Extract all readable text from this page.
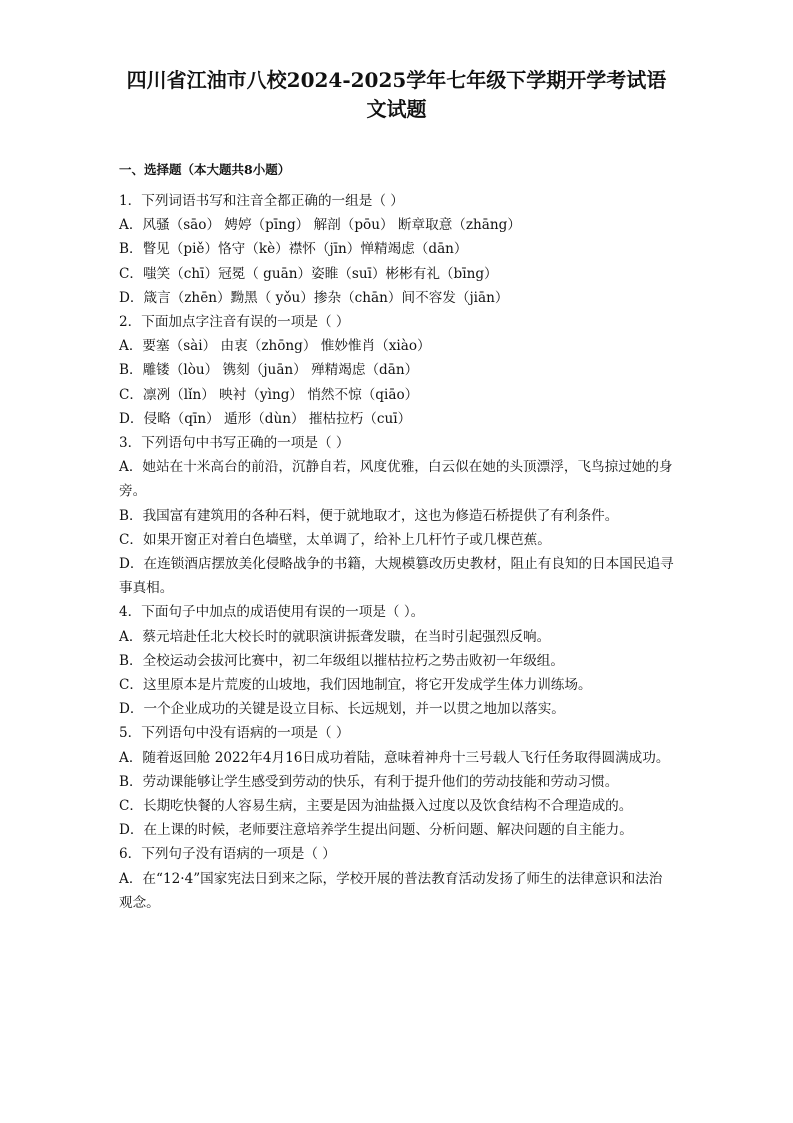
四川省江油市八校2024-2025学年七年级下学期开学考试语
文试题

一、选择题（本大题共8小题）

1．下列词语书写和注音全都正确的一组是（ ）

A．风骚（sāo） 娉婷（pīng） 解剖（pōu） 断章取意（zhāng）

B．瞥见（piě）恪守（kè）襟怀（jīn）惮精竭虑（dān）

C．嗤笑（chī）冠冕（ guān）姿睢（suī）彬彬有礼（bīng）

D．箴言（zhēn）黝黑（ yǒu）掺杂（chān）间不容发（jiān）

2．下面加点字注音有误的一项是（ ）

A．要塞（sài） 由衷（zhōng） 惟妙惟肖（xiào）

B．雕镂（lòu） 镌刻（juān） 殚精竭虑（dān）

C．凛冽（lǐn） 映衬（yìng） 悄然不惊（qiāo）

D．侵略（qīn） 遁形（dùn） 摧枯拉朽（cuī）

3．下列语句中书写正确的一项是（ ）

A．她站在十米高台的前沿，沉静自若，风度优雅，白云似在她的头顶漂浮，飞鸟掠过她的身旁。

B．我国富有建筑用的各种石料，便于就地取才，这也为修造石桥提供了有利条件。

C．如果开窗正对着白色墙壁，太单调了，给补上几杆竹子或几棵芭蕉。

D．在连锁酒店摆放美化侵略战争的书籍，大规模篡改历史教材，阻止有良知的日本国民追寻事真相。

4．下面句子中加点的成语使用有误的一项是（ ）。

A．蔡元培赴任北大校长时的就职演讲振聋发聩，在当时引起强烈反响。

B．全校运动会拔河比赛中，初二年级组以摧枯拉朽之势击败初一年级组。

C．这里原本是片荒废的山坡地，我们因地制宜，将它开发成学生体力训练场。

D．一个企业成功的关键是设立目标、长远规划，并一以贯之地加以落实。

5．下列语句中没有语病的一项是（ ）

A．随着返回舱 2022年4月16日成功着陆，意味着神舟十三号载人飞行任务取得圆满成功。

B．劳动课能够让学生感受到劳动的快乐，有利于提升他们的劳动技能和劳动习惯。

C．长期吃快餐的人容易生病，主要是因为油盐摄入过度以及饮食结构不合理造成的。

D．在上课的时候，老师要注意培养学生提出问题、分析问题、解决问题的自主能力。

6．下列句子没有语病的一项是（ ）

A．在“12·4”国家宪法日到来之际，学校开展的普法教育活动发扬了师生的法律意识和法治观念。
